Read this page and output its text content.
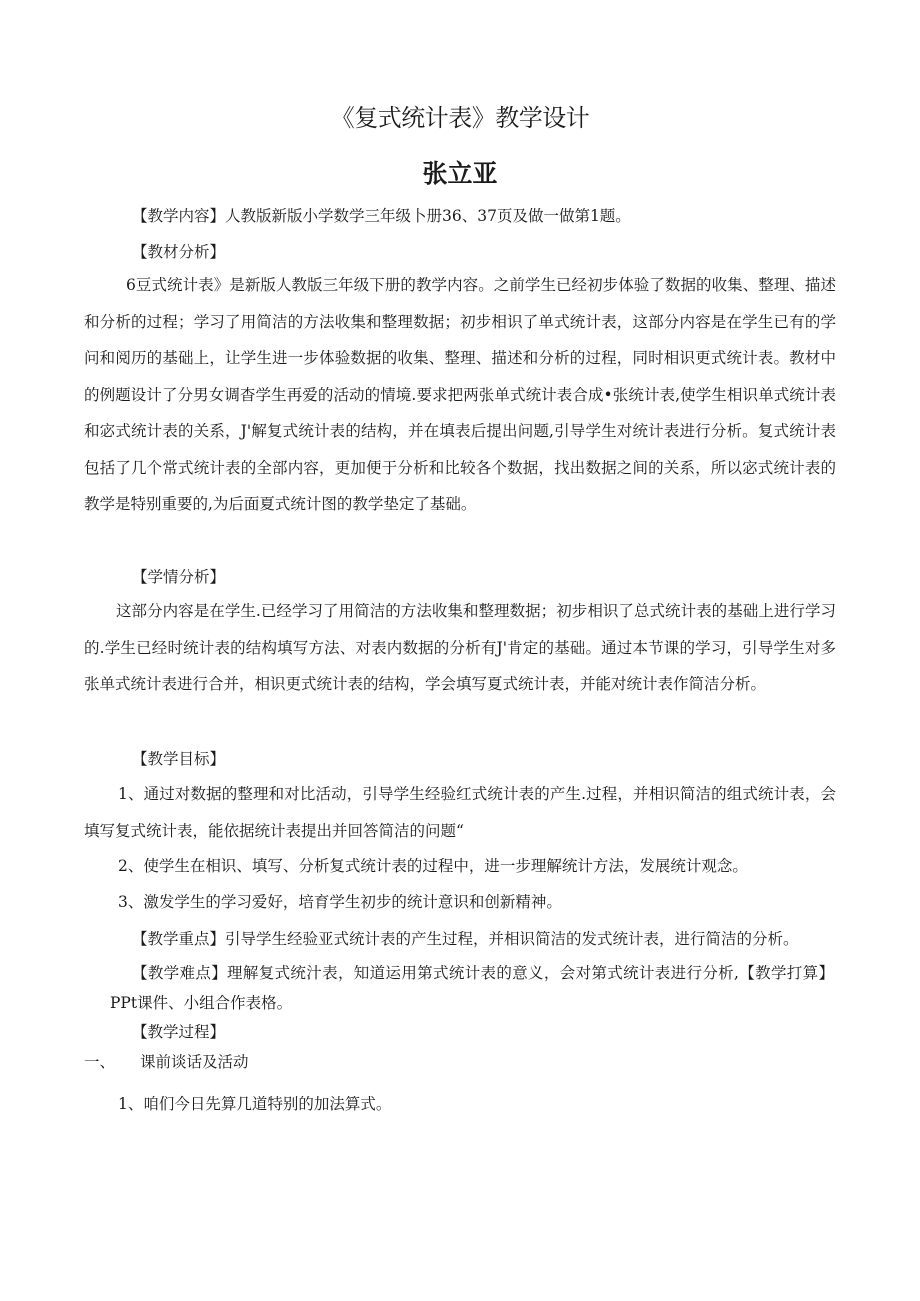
《复式统计表》教学设计
张立亚
【教学内容】人教版新版小学数学三年级卜册36、37页及做一做第1题。
【教材分析】
6豆式统计表》是新版人教版三年级下册的教学内容。之前学生已经初步体验了数据的收集、整理、描述和分析的过程；学习了用简洁的方法收集和整理数据；初步相识了单式统计表，这部分内容是在学生已有的学问和阅历的基础上，让学生进一步体验数据的收集、整理、描述和分析的过程，同时相识更式统计表。教材中的例题设计了分男女调杳学生再爱的活动的情境.要求把两张单式统计表合成•张统计表,使学生相识单式统计表和宓式统计表的关系，J'解复式统计表的结构，并在填表后提出问题,引导学生对统计表进行分析。复式统计表包括了几个常式统计表的全部内容，更加便于分析和比较各个数据，找出数据之间的关系，所以宓式统计表的教学是特别重要的,为后面夏式统计图的教学垫定了基础。
【学情分析】
这部分内容是在学生.已经学习了用简洁的方法收集和整理数据；初步相识了总式统计表的基础上进行学习的.学生已经时统计表的结构填写方法、对表内数据的分析有J'肯定的基础。通过本节课的学习，引导学生对多张单式统计表进行合并，相识更式统计表的结构，学会填写夏式统计表，并能对统计表作简洁分析。
【教学目标】
1、通过对数据的整理和对比活动，引导学生经验红式统计表的产生.过程，并相识简洁的组式统计表，会填写复式统计表，能依据统计表提出并回答简洁的问题“
2、使学生在相识、填写、分析复式统计表的过程中，进一步理解统计方法，发展统计观念。
3、激发学生的学习爱好，培育学生初步的统计意识和创新精神。
【教学重点】引导学生经验亚式统计表的产生过程，并相识简洁的发式统计表，进行简洁的分析。
【教学难点】理解复式统汁表，知道运用第式统计表的意义，会对第式统计表进行分析,【教学打算】PPt课件、小组合作表格。
【教学过程】
一、 课前谈话及活动
1、咱们今日先算几道特别的加法算式。
